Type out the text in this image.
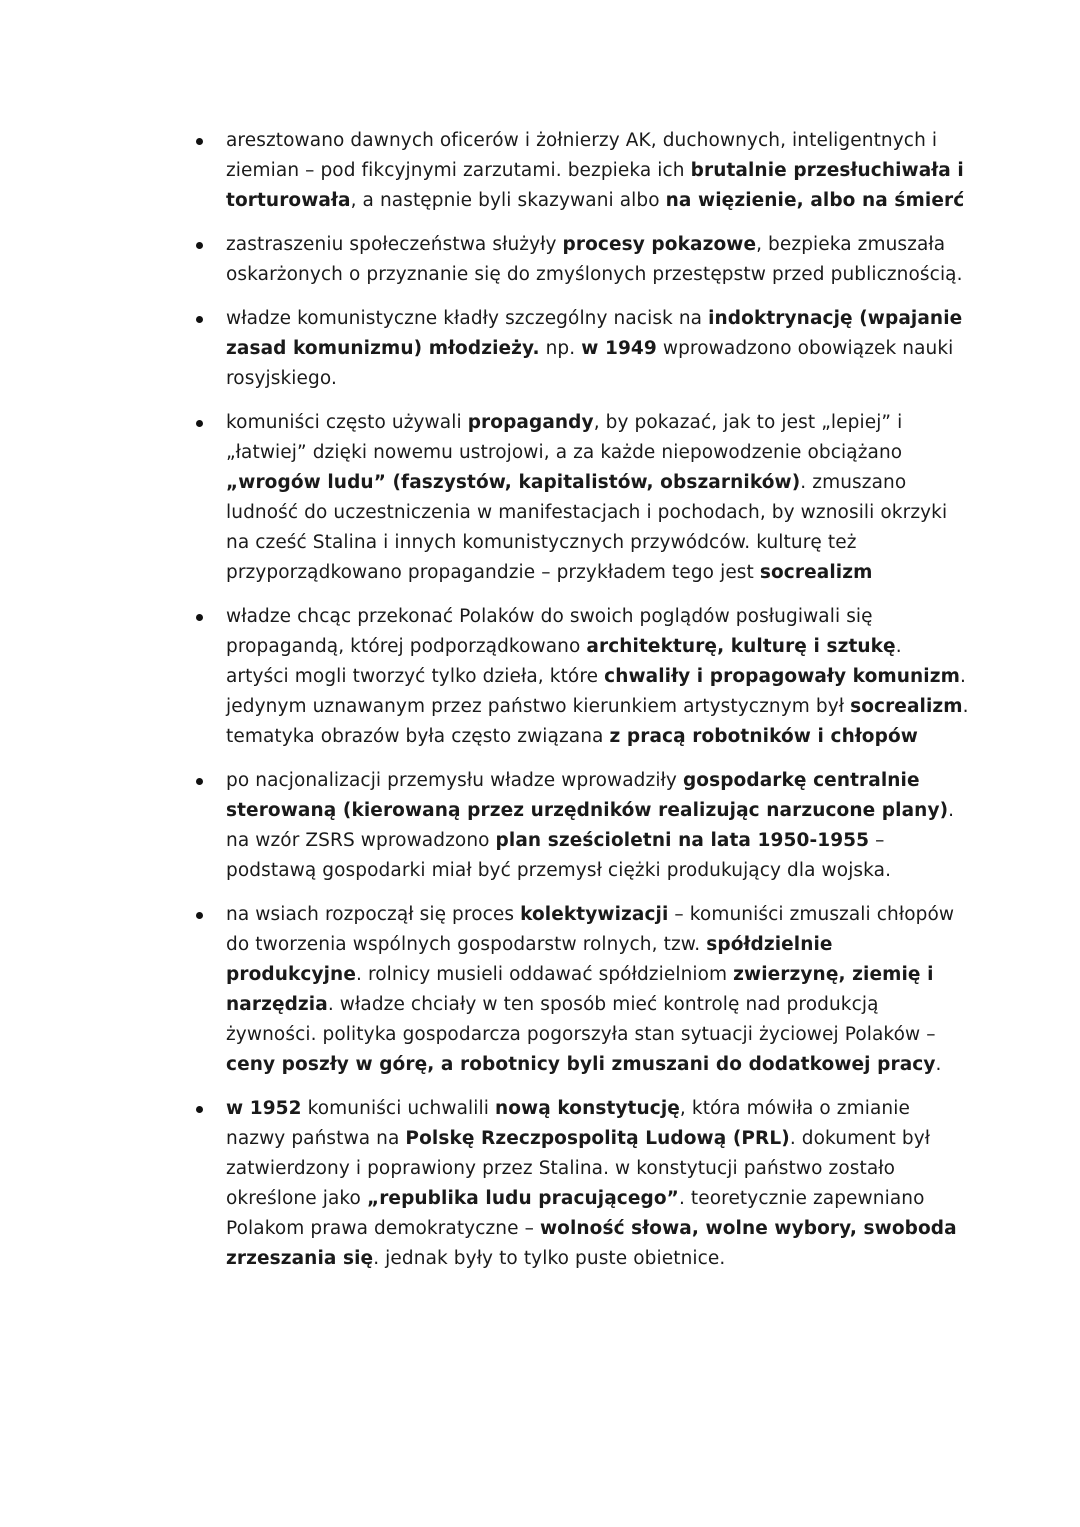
aresztowano dawnych oficerów i żołnierzy AK, duchownych, inteligentnych i ziemian – pod fikcyjnymi zarzutami. bezpieka ich brutalnie przesłuchiwała i torturowała, a następnie byli skazywani albo na więzienie, albo na śmierć
zastraszeniu społeczeństwa służyły procesy pokazowe, bezpieka zmuszała oskarżonych o przyznanie się do zmyślonych przestępstw przed publicznością.
władze komunistyczne kładły szczególny nacisk na indoktrynację (wpajanie zasad komunizmu) młodzieży. np. w 1949 wprowadzono obowiązek nauki rosyjskiego.
komuniści często używali propagandy, by pokazać, jak to jest „lepiej” i „łatwiej” dzięki nowemu ustrojowi, a za każde niepowodzenie obciążano „wrogów ludu” (faszystów, kapitalistów, obszarników). zmuszano ludność do uczestniczenia w manifestacjach i pochodach, by wznosili okrzyki na cześć Stalina i innych komunistycznych przywódców. kulturę też przyporządkowano propagandzie – przykładem tego jest socrealizm
władze chcąc przekonać Polaków do swoich poglądów posługiwali się propagandą, której podporządkowano architekturę, kulturę i sztukę. artyści mogli tworzyć tylko dzieła, które chwaliły i propagowały komunizm. jedynym uznawanym przez państwo kierunkiem artystycznym był socrealizm. tematyka obrazów była często związana z pracą robotników i chłopów
po nacjonalizacji przemysłu władze wprowadziły gospodarkę centralnie sterowaną (kierowaną przez urzędników realizując narzucone plany). na wzór ZSRS wprowadzono plan sześcioletni na lata 1950-1955 – podstawą gospodarki miał być przemysł ciężki produkujący dla wojska.
na wsiach rozpoczął się proces kolektywizacji – komuniści zmuszali chłopów do tworzenia wspólnych gospodarstw rolnych, tzw. spółdzielnie produkcyjne. rolnicy musieli oddawać spółdzielniom zwierzynę, ziemię i narzędzia. władze chciały w ten sposób mieć kontrolę nad produkcją żywności. polityka gospodarcza pogorszyła stan sytuacji życiowej Polaków – ceny poszły w górę, a robotnicy byli zmuszani do dodatkowej pracy.
w 1952 komuniści uchwalili nową konstytucję, która mówiła o zmianie nazwy państwa na Polskę Rzeczpospolitą Ludową (PRL). dokument był zatwierdzony i poprawiony przez Stalina. w konstytucji państwo zostało określone jako „republika ludu pracującego”. teoretycznie zapewniano Polakom prawa demokratyczne – wolność słowa, wolne wybory, swoboda zrzeszania się. jednak były to tylko puste obietnice.
